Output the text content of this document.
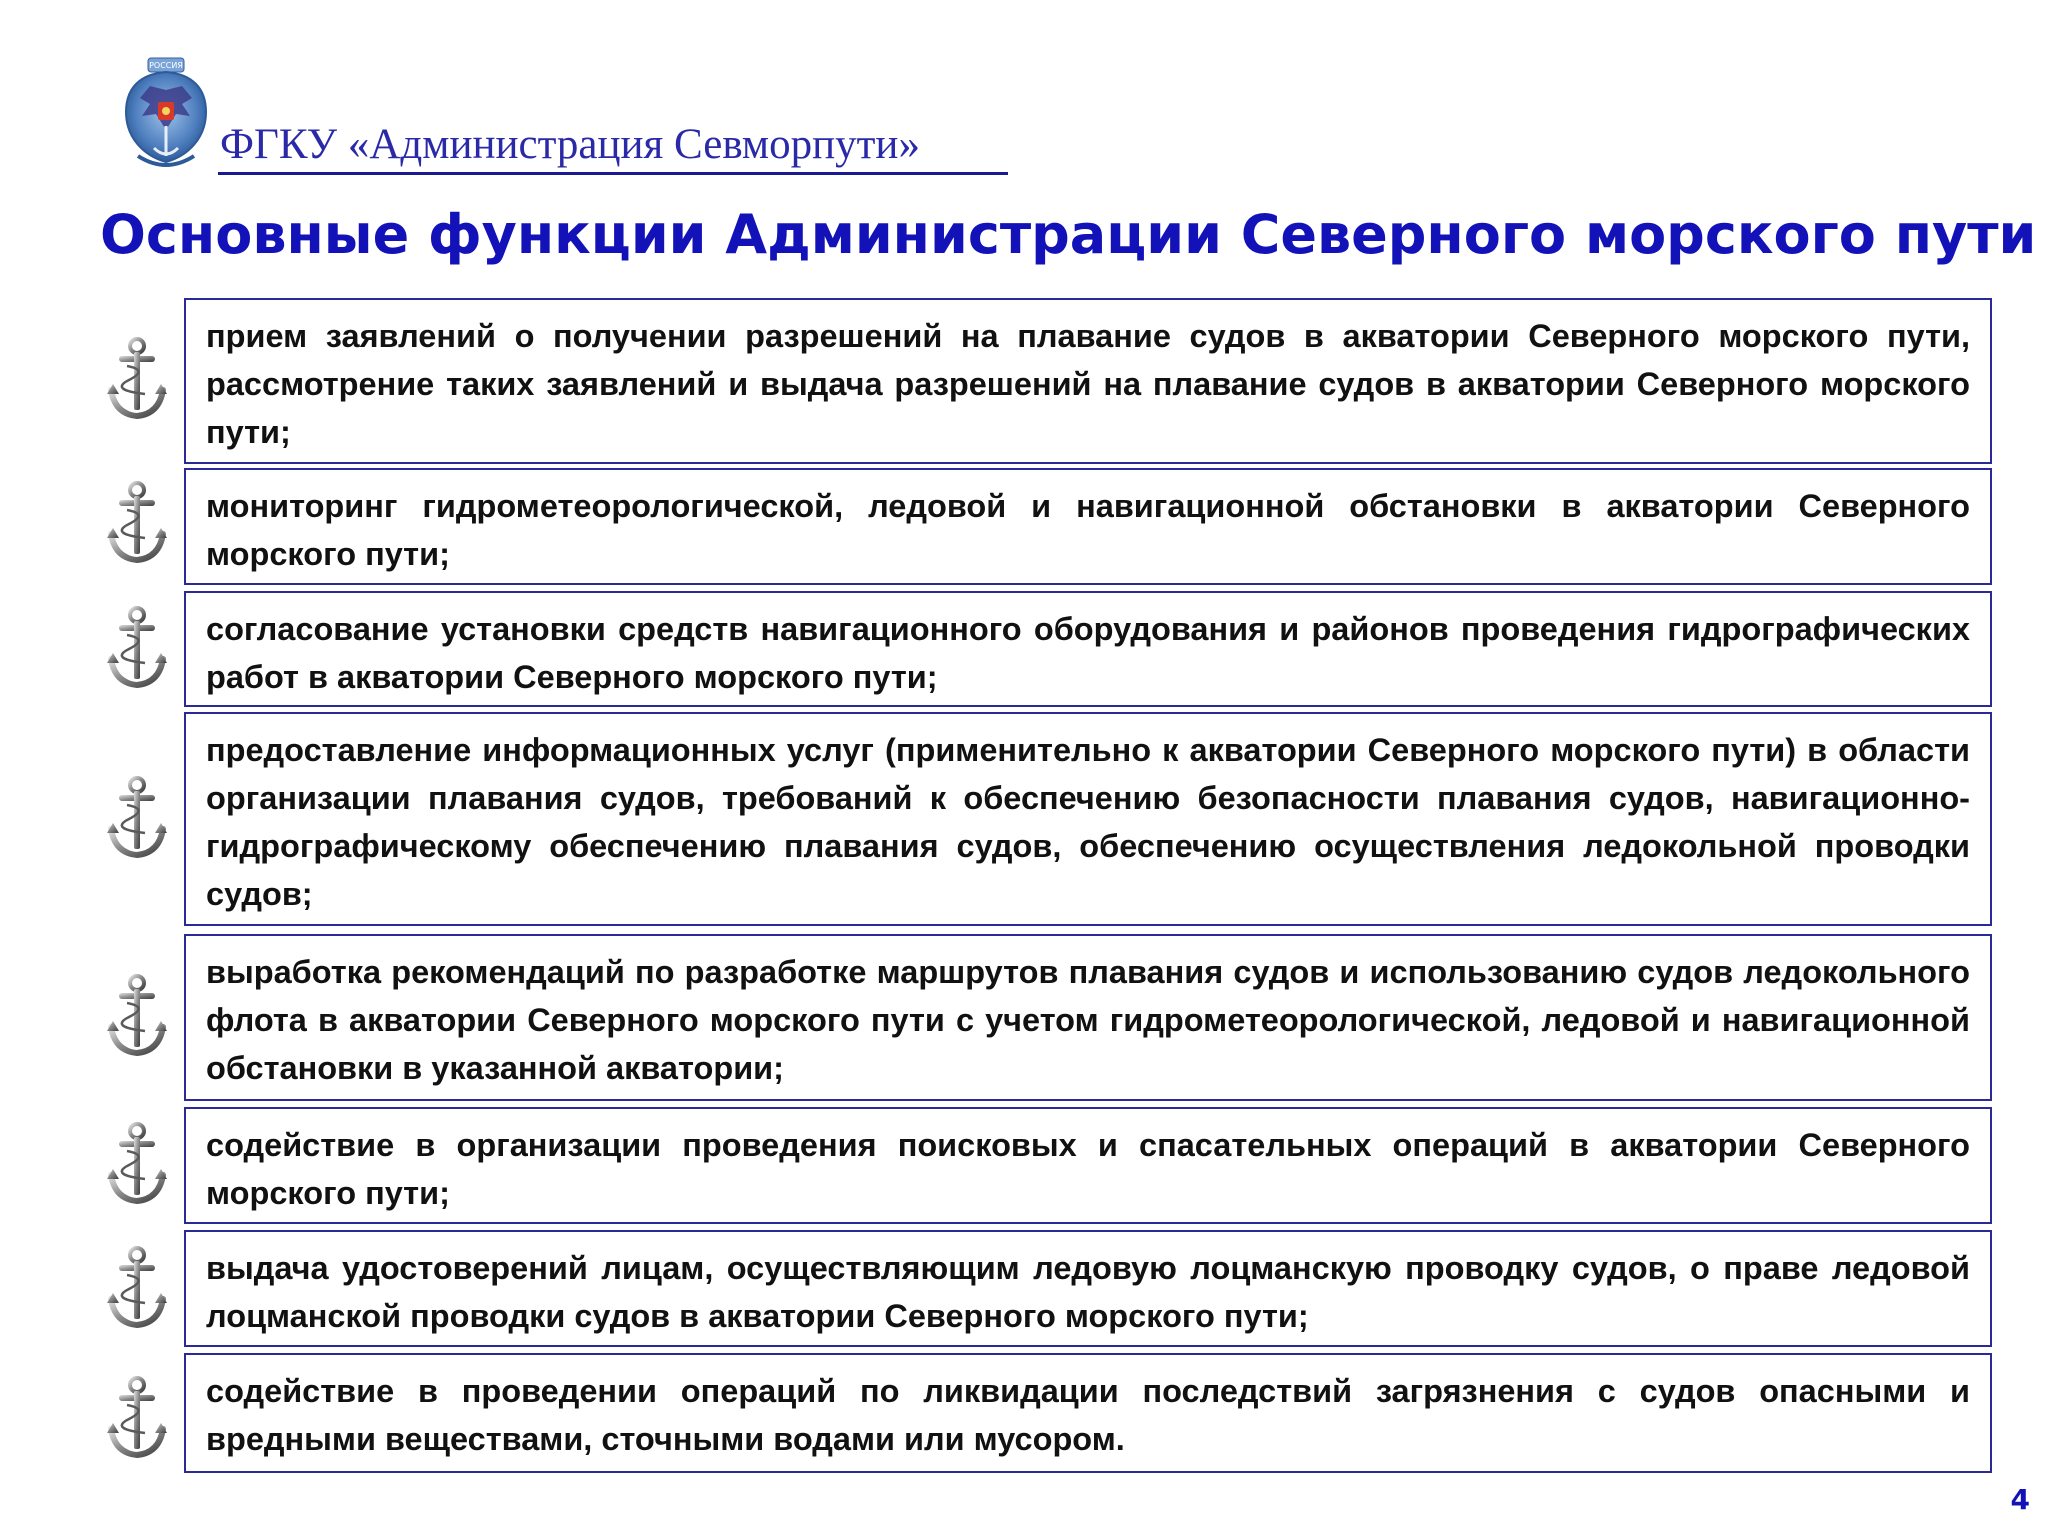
РОССИЯ
ФГКУ «Администрация Севморпути»
Основные функции Администрации Северного морского пути
прием заявлений о получении разрешений на плавание судов в акватории Северного морского пути, рассмотрение таких заявлений и выдача разрешений на плавание судов в акватории Северного морского пути;
мониторинг гидрометеорологической, ледовой и навигационной обстановки в акватории Северного морского пути;
согласование установки средств навигационного оборудования и районов проведения гидрографических работ в акватории Северного морского пути;
предоставление информационных услуг (применительно к акватории Северного морского пути) в области организации плавания судов, требований к обеспечению безопасности плавания судов, навигационно-гидрографическому обеспечению плавания судов, обеспечению осуществления ледокольной проводки судов;
выработка рекомендаций по разработке маршрутов плавания судов и использованию судов ледокольного флота в акватории Северного морского пути с учетом гидрометеорологической, ледовой и навигационной обстановки в указанной акватории;
содействие в организации проведения поисковых и спасательных операций в акватории Северного морского пути;
выдача удостоверений лицам, осуществляющим ледовую лоцманскую проводку судов, о праве ледовой лоцманской проводки судов в акватории Северного морского пути;
содействие в проведении операций по ликвидации последствий загрязнения с судов опасными и вредными веществами, сточными водами или мусором.
4
